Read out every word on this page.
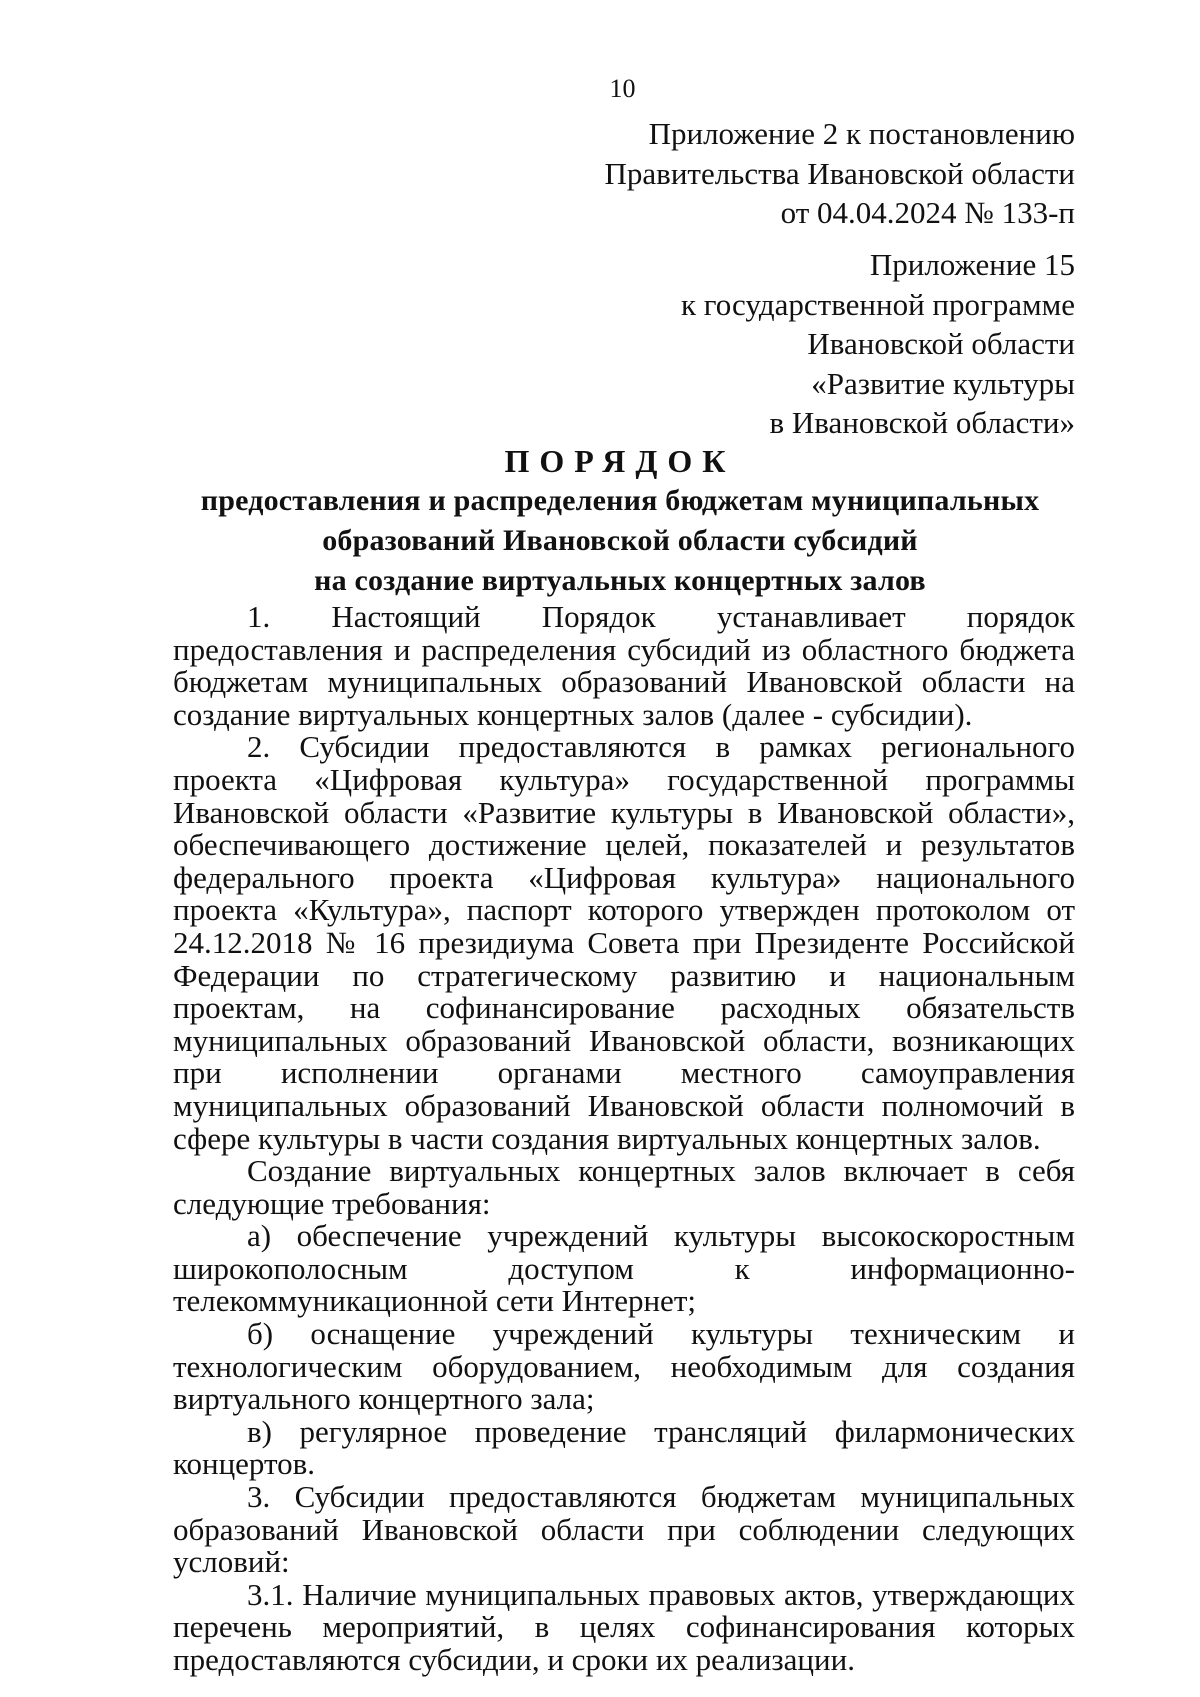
10
Приложение 2 к постановлению
Правительства Ивановской области
от 04.04.2024 № 133-п
Приложение 15
к государственной программе
Ивановской области
«Развитие культуры
в Ивановской области»
ПОРЯДОК
предоставления и распределения бюджетам муниципальных
образований Ивановской области субсидий
на создание виртуальных концертных залов

1. Настоящий Порядок устанавливает порядок предоставления и распределения субсидий из областного бюджета бюджетам муниципальных образований Ивановской области на создание виртуальных концертных залов (далее - субсидии).

2. Субсидии предоставляются в рамках регионального проекта «Цифровая культура» государственной программы Ивановской области «Развитие культуры в Ивановской области», обеспечивающего достижение целей, показателей и результатов федерального проекта «Цифровая культура» национального проекта «Культура», паспорт которого утвержден протоколом от 24.12.2018 № 16 президиума Совета при Президенте Российской Федерации по стратегическому развитию и национальным проектам, на софинансирование расходных обязательств муниципальных образований Ивановской области, возникающих при исполнении органами местного самоуправления муниципальных образований Ивановской области полномочий в сфере культуры в части создания виртуальных концертных залов.

Создание виртуальных концертных залов включает в себя следующие требования:

а) обеспечение учреждений культуры высокоскоростным широкополосным доступом к информационно-телекоммуникационной сети Интернет;

б) оснащение учреждений культуры техническим и технологическим оборудованием, необходимым для создания виртуального концертного зала;

в) регулярное проведение трансляций филармонических концертов.

3. Субсидии предоставляются бюджетам муниципальных образований Ивановской области при соблюдении следующих условий:

3.1. Наличие муниципальных правовых актов, утверждающих перечень мероприятий, в целях софинансирования которых предоставляются субсидии, и сроки их реализации.
